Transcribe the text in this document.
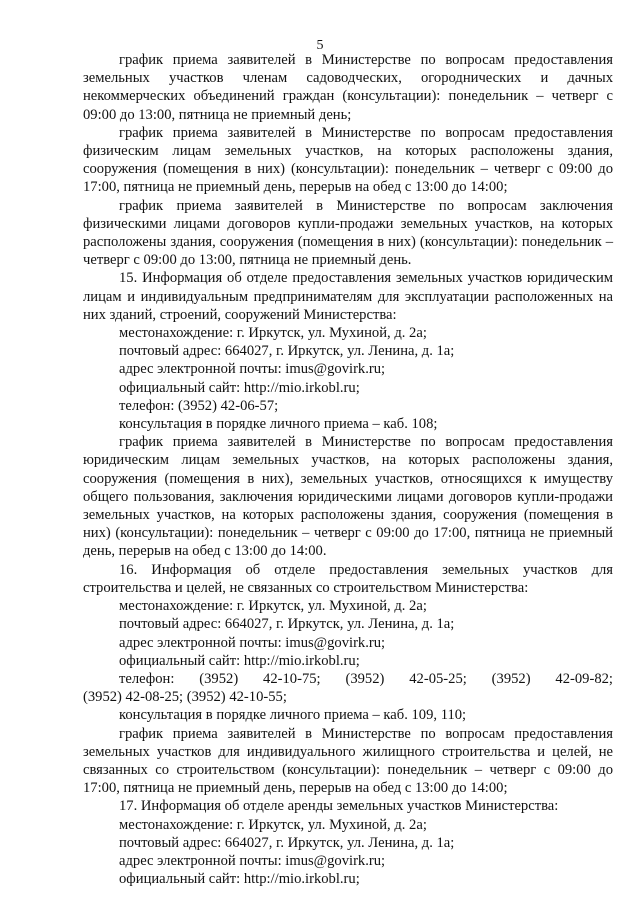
5

график приема заявителей в Министерстве по вопросам предоставления земельных участков членам садоводческих, огороднических и дачных некоммерческих объединений граждан (консультации): понедельник – четверг с 09:00 до 13:00, пятница не приемный день;

график приема заявителей в Министерстве по вопросам предоставления физическим лицам земельных участков, на которых расположены здания, сооружения (помещения в них) (консультации): понедельник – четверг с 09:00 до 17:00, пятница не приемный день, перерыв на обед с 13:00 до 14:00;

график приема заявителей в Министерстве по вопросам заключения физическими лицами договоров купли-продажи земельных участков, на которых расположены здания, сооружения (помещения в них) (консультации): понедельник – четверг с 09:00 до 13:00, пятница не приемный день.

15. Информация об отделе предоставления земельных участков юридическим лицам и индивидуальным предпринимателям для эксплуатации расположенных на них зданий, строений, сооружений Министерства:

местонахождение: г. Иркутск, ул. Мухиной, д. 2а;

почтовый адрес: 664027, г. Иркутск, ул. Ленина, д. 1а;

адрес электронной почты: imus@govirk.ru;

официальный сайт: http://mio.irkobl.ru;

телефон: (3952) 42-06-57;

консультация в порядке личного приема – каб. 108;

график приема заявителей в Министерстве по вопросам предоставления юридическим лицам земельных участков, на которых расположены здания, сооружения (помещения в них), земельных участков, относящихся к имуществу общего пользования, заключения юридическими лицами договоров купли-продажи земельных участков, на которых расположены здания, сооружения (помещения в них) (консультации): понедельник – четверг с 09:00 до 17:00, пятница не приемный день, перерыв на обед с 13:00 до 14:00.

16. Информация об отделе предоставления земельных участков для строительства и целей, не связанных со строительством Министерства:

местонахождение: г. Иркутск, ул. Мухиной, д. 2а;

почтовый адрес: 664027, г. Иркутск, ул. Ленина, д. 1а;

адрес электронной почты: imus@govirk.ru;

официальный сайт: http://mio.irkobl.ru;

телефон: (3952) 42-10-75; (3952) 42-05-25; (3952) 42-09-82;

(3952) 42-08-25; (3952) 42-10-55;

консультация в порядке личного приема – каб. 109, 110;

график приема заявителей в Министерстве по вопросам предоставления земельных участков для индивидуального жилищного строительства и целей, не связанных со строительством (консультации): понедельник – четверг с 09:00 до 17:00, пятница не приемный день, перерыв на обед с 13:00 до 14:00;

17. Информация об отделе аренды земельных участков Министерства:

местонахождение: г. Иркутск, ул. Мухиной, д. 2а;

почтовый адрес: 664027, г. Иркутск, ул. Ленина, д. 1а;

адрес электронной почты: imus@govirk.ru;

официальный сайт: http://mio.irkobl.ru;
